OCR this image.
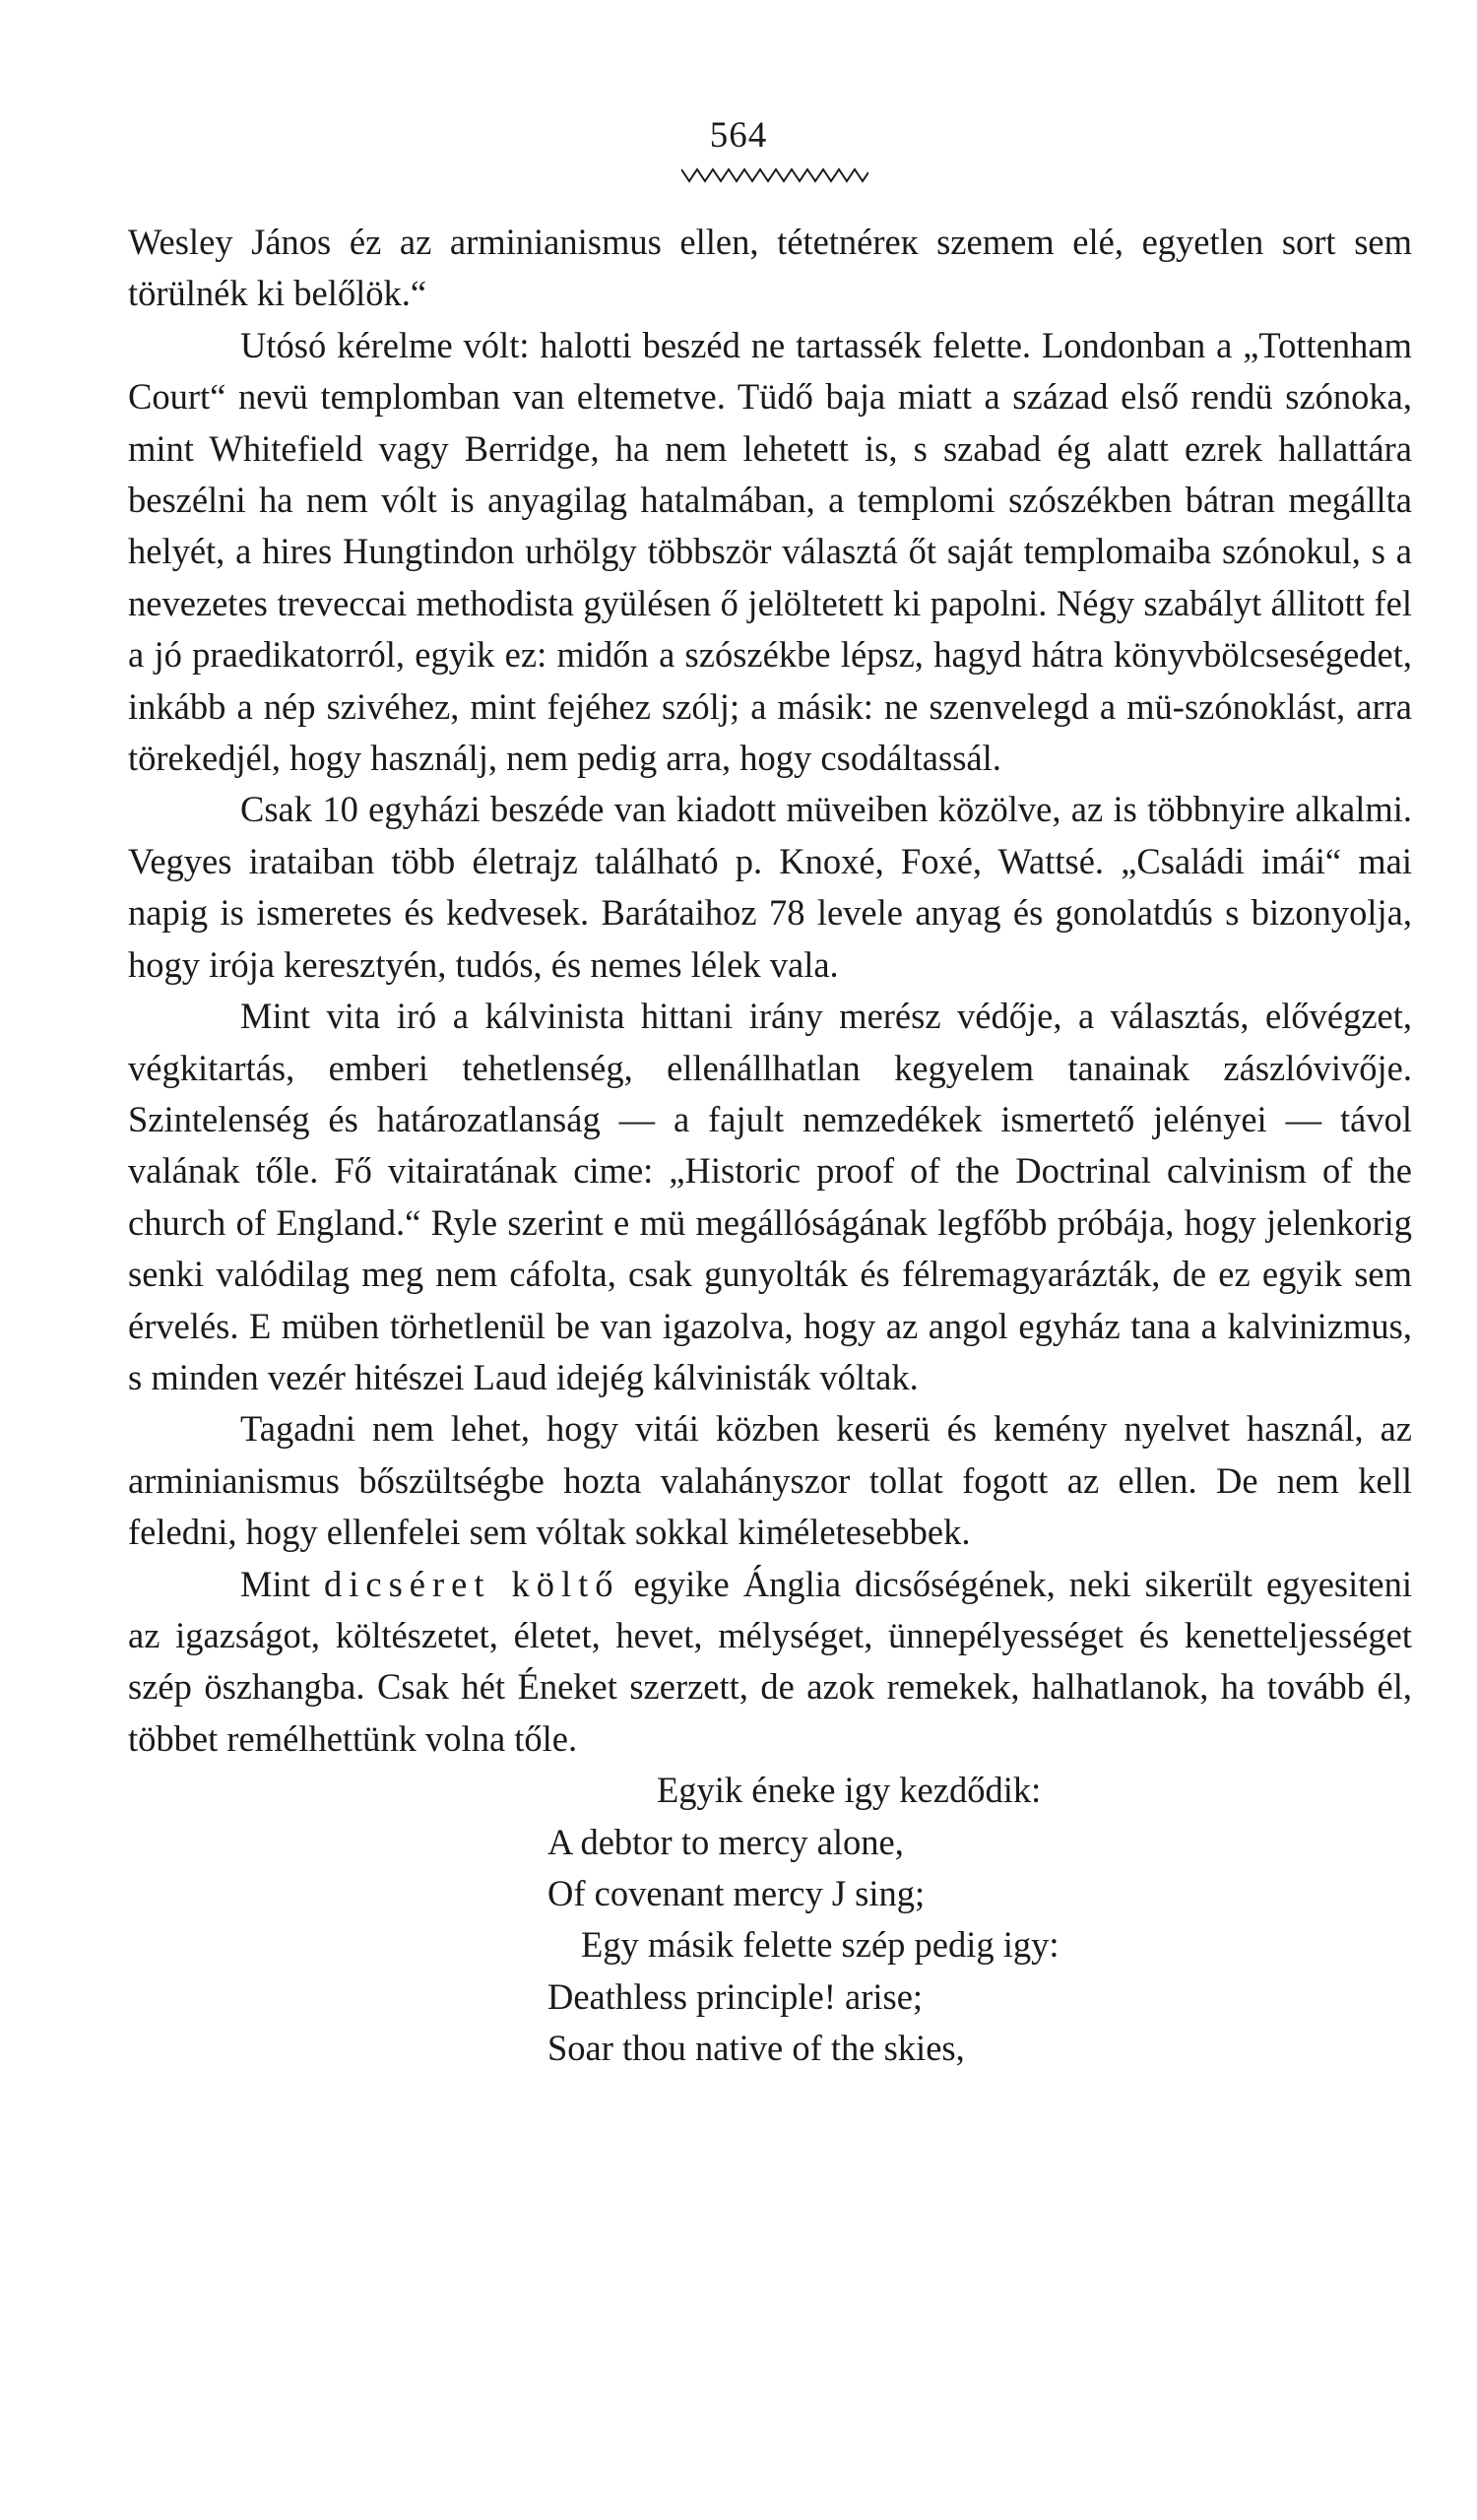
564

Wesley János éz az arminianismus ellen, tétetnéreк szemem elé, egyetlen sort sem törülnék ki belőlök.“

Utósó kérelme vólt: halotti beszéd ne tartassék felette. Londonban a „Tottenham Court“ nevü templomban van eltemetve. Tüdő baja miatt a század első rendü szónoka, mint Whitefield vagy Berridge, ha nem lehetett is, s szabad ég alatt ezrek hallattára beszélni ha nem vólt is anyagilag hatalmában, a templomi szószékben bátran megállta helyét, a hires Hungtindon urhölgy többször választá őt saját templomaiba szónokul, s a nevezetes treveccai methodista gyülésen ő jelöltetett ki papolni. Négy szabályt állitott fel a jó praedikatorról, egyik ez: midőn a szószékbe lépsz, hagyd hátra könyvbölcseségedet, inkább a nép szivéhez, mint fejéhez szólj; a másik: ne szenvelegd a mü-szónoklást, arra törekedjél, hogy használj, nem pedig arra, hogy csodáltassál.

Csak 10 egyházi beszéde van kiadott müveiben közölve, az is többnyire alkalmi. Vegyes irataiban több életrajz található p. Knoxé, Foxé, Wattsé. „Családi imái“ mai napig is ismeretes és kedvesek. Barátaihoz 78 levele anyag és gonolatdús s bizonyolja, hogy irója keresztyén, tudós, és nemes lélek vala.

Mint vita iró a kálvinista hittani irány merész védője, a választás, elővégzet, végkitartás, emberi tehetlenség, ellenállhatlan kegyelem tanainak zászlóvivője. Szintelenség és határozatlanság — a fajult nemzedékek ismertető jelényei — távol valának tőle. Fő vitairatának cime: „Historic proof of the Doctrinal calvinism of the church of England.“ Ryle szerint e mü megállóságának legfőbb próbája, hogy jelenkorig senki valódilag meg nem cáfolta, csak gunyolták és félremagyarázták, de ez egyik sem érvelés. E müben törhetlenül be van igazolva, hogy az angol egyház tana a kalvinizmus, s minden vezér hitészei Laud idejég kálvinisták vóltak.

Tagadni nem lehet, hogy vitái közben keserü és kemény nyelvet használ, az arminianismus bőszültségbe hozta valahányszor tollat fogott az ellen. De nem kell feledni, hogy ellenfelei sem vóltak sokkal kiméletesebbek.

Mint dicséret költő egyike Ánglia dicsőségének, neki sikerült egyesiteni az igazságot, költészetet, életet, hevet, mélységet, ünnepélyességet és kenetteljességet szép öszhangba. Csak hét Éneket szerzett, de azok remekek, halhatlanok, ha tovább él, többet remélhettünk volna tőle.

Egyik éneke igy kezdődik:

A debtor to mercy alone,

Of covenant mercy J sing;

Egy másik felette szép pedig igy:

Deathless principle! arise;

Soar thou native of the skies,
